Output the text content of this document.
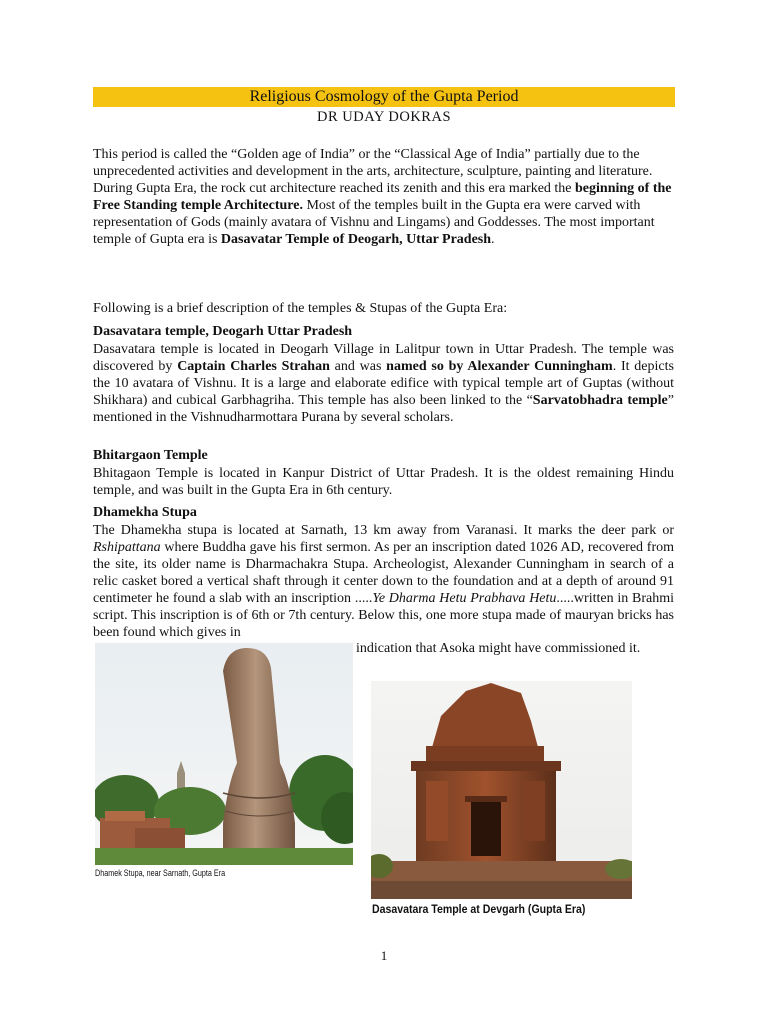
Religious Cosmology of the Gupta Period
DR UDAY DOKRAS

This period is called the “Golden age of India” or the “Classical Age of India” partially due to the unprecedented activities and development in the arts, architecture, sculpture, painting and literature.

During Gupta Era, the rock cut architecture reached its zenith and this era marked the beginning of the Free Standing temple Architecture. Most of the temples built in the Gupta era were carved with representation of Gods (mainly avatara of Vishnu and Lingams) and Goddesses. The most important temple of Gupta era is Dasavatar Temple of Deogarh, Uttar Pradesh.

Following is a brief description of the temples & Stupas of the Gupta Era:
Dasavatara temple, Deogarh Uttar Pradesh
Dasavatara temple is located in Deogarh Village in Lalitpur town in Uttar Pradesh. The temple was discovered by Captain Charles Strahan and was named so by Alexander Cunningham. It depicts the 10 avatara of Vishnu. It is a large and elaborate edifice with typical temple art of Guptas (without Shikhara) and cubical Garbhagriha. This temple has also been linked to the “Sarvatobhadra temple” mentioned in the Vishnudharmottara Purana by several scholars.
Bhitargaon Temple
Bhitagaon Temple is located in Kanpur District of Uttar Pradesh. It is the oldest remaining Hindu temple, and was built in the Gupta Era in 6th century.
Dhamekha Stupa
The Dhamekha stupa is located at Sarnath, 13 km away from Varanasi. It marks the deer park or Rshipattana where Buddha gave his first sermon. As per an inscription dated 1026 AD, recovered from the site, its older name is Dharmachakra Stupa. Archeologist, Alexander Cunningham in search of a relic casket bored a vertical shaft through it center down to the foundation and at a depth of around 91 centimeter he found a slab with an inscription .....Ye Dharma Hetu Prabhava Hetu.....written in Brahmi script. This inscription is of 6th or 7th century. Below this, one more stupa made of mauryan bricks has been found which gives in
indication that Asoka might have commissioned it.
Dhamek Stupa, near Sarnath, Gupta Era
Dasavatara Temple at Devgarh (Gupta Era)
1
